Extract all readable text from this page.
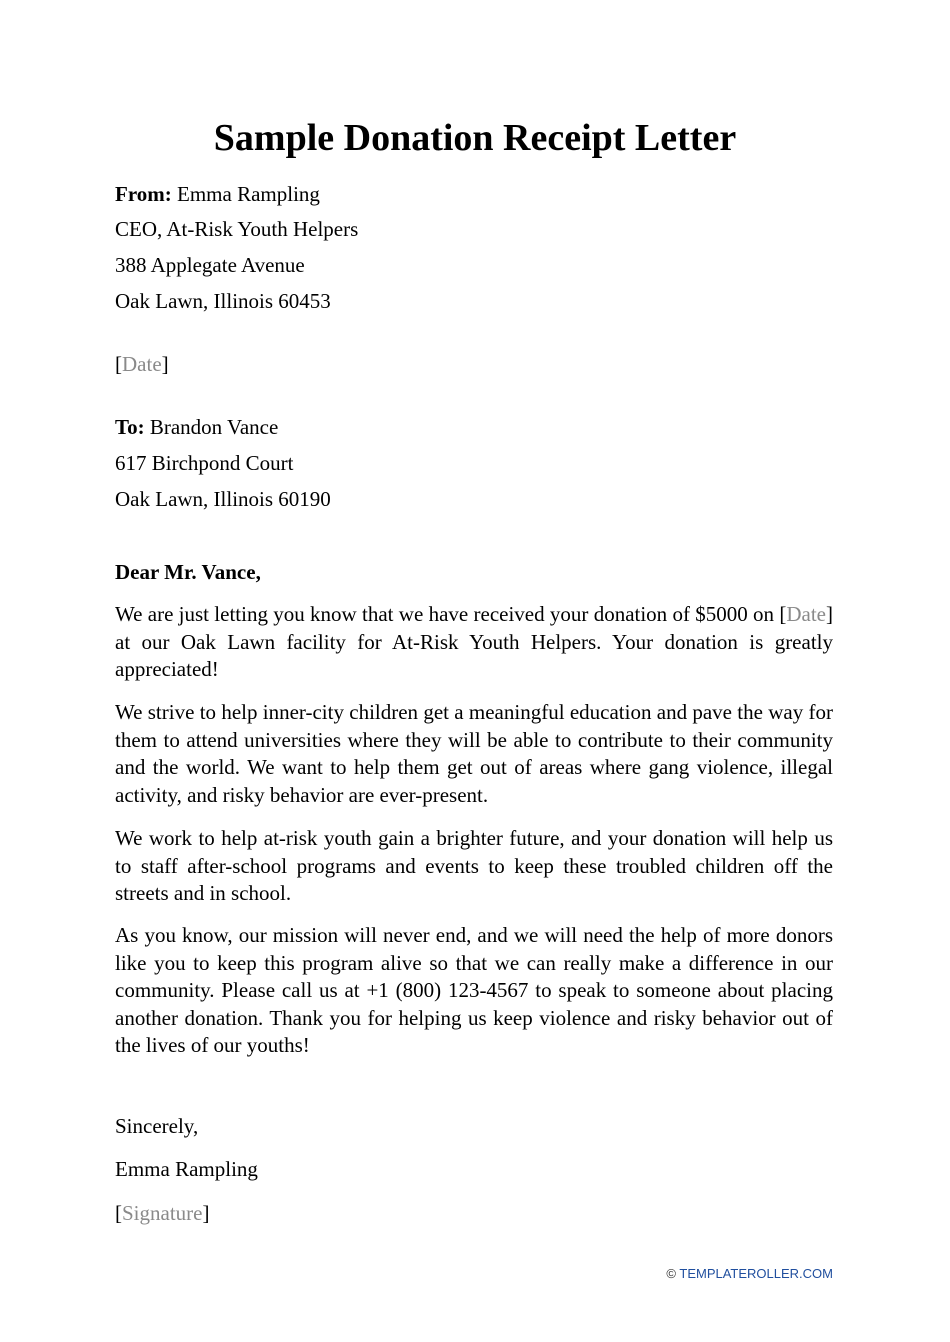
Sample Donation Receipt Letter

From: Emma Rampling

CEO, At-Risk Youth Helpers

388 Applegate Avenue

Oak Lawn, Illinois 60453

[Date]

To: Brandon Vance

617 Birchpond Court

Oak Lawn, Illinois 60190

Dear Mr. Vance,

We are just letting you know that we have received your donation of $5000 on [Date] at our Oak Lawn facility for At-Risk Youth Helpers. Your donation is greatly appreciated!

We strive to help inner-city children get a meaningful education and pave the way for them to attend universities where they will be able to contribute to their community and the world. We want to help them get out of areas where gang violence, illegal activity, and risky behavior are ever-present.

We work to help at-risk youth gain a brighter future, and your donation will help us to staff after-school programs and events to keep these troubled children off the streets and in school.

As you know, our mission will never end, and we will need the help of more donors like you to keep this program alive so that we can really make a difference in our community. Please call us at +1 (800) 123-4567 to speak to someone about placing another donation. Thank you for helping us keep violence and risky behavior out of the lives of our youths!

Sincerely,

Emma Rampling

[Signature]

© TEMPLATEROLLER.COM
